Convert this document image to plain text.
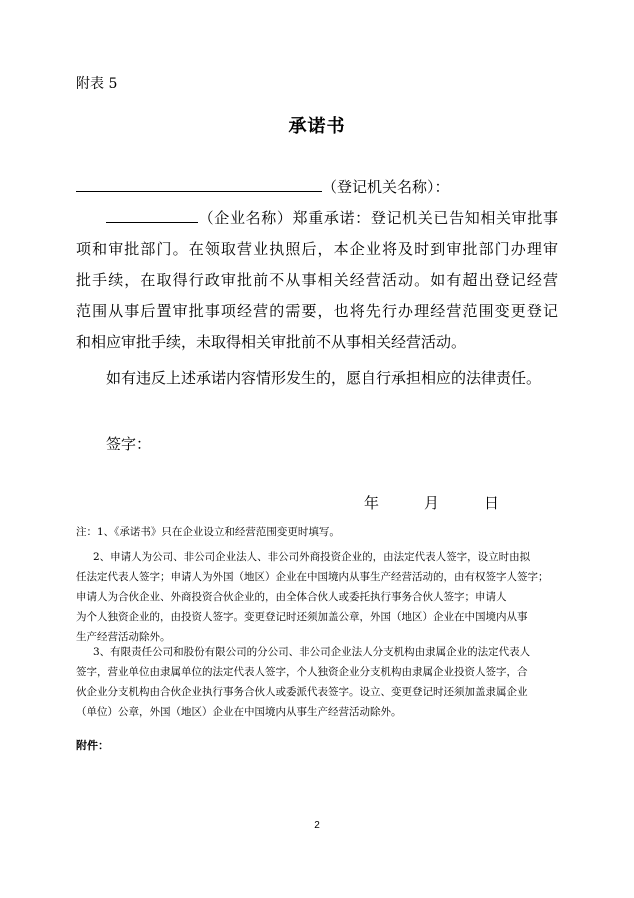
附表 5
承诺书
（登记机关名称）：
（企业名称）郑重承诺：登记机关已告知相关审批事
项和审批部门。在领取营业执照后，本企业将及时到审批部门办理审
批手续，在取得行政审批前不从事相关经营活动。如有超出登记经营
范围从事后置审批事项经营的需要，也将先行办理经营范围变更登记
和相应审批手续，未取得相关审批前不从事相关经营活动。
如有违反上述承诺内容情形发生的，愿自行承担相应的法律责任。
签字：
年	月	日
注：1、《承诺书》只在企业设立和经营范围变更时填写。
2、申请人为公司、非公司企业法人、非公司外商投资企业的，由法定代表人签字，设立时由拟
任法定代表人签字；申请人为外国（地区）企业在中国境内从事生产经营活动的，由有权签字人签字；
申请人为合伙企业、外商投资合伙企业的，由全体合伙人或委托执行事务合伙人签字；申请人
为个人独资企业的，由投资人签字。变更登记时还须加盖公章，外国（地区）企业在中国境内从事
生产经营活动除外。
3、有限责任公司和股份有限公司的分公司、非公司企业法人分支机构由隶属企业的法定代表人
签字，营业单位由隶属单位的法定代表人签字，个人独资企业分支机构由隶属企业投资人签字，合
伙企业分支机构由合伙企业执行事务合伙人或委派代表签字。设立、变更登记时还须加盖隶属企业
（单位）公章，外国（地区）企业在中国境内从事生产经营活动除外。
附件：
2
